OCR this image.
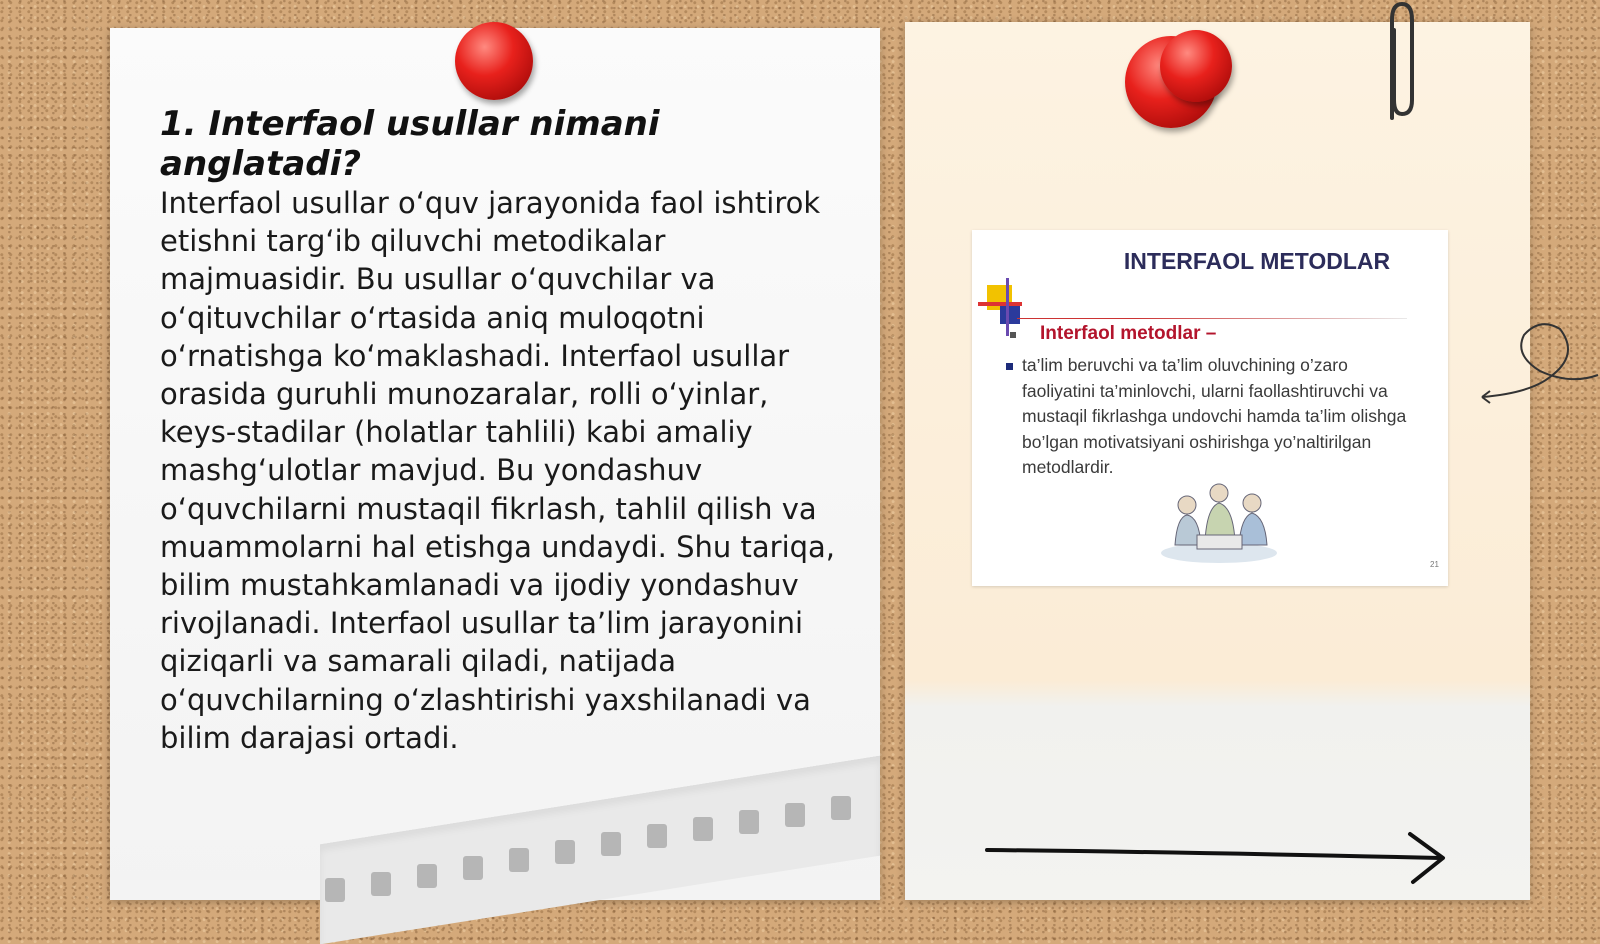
1. Interfaol usullar nimani anglatadi?

Interfaol usullar o‘quv jarayonida faol ishtirok etishni targ‘ib qiluvchi metodikalar majmuasidir. Bu usullar o‘quvchilar va o‘qituvchilar o‘rtasida aniq muloqotni o‘rnatishga ko‘maklashadi. Interfaol usullar orasida guruhli munozaralar, rolli o‘yinlar, keys-stadilar (holatlar tahlili) kabi amaliy mashg‘ulotlar mavjud. Bu yondashuv o‘quvchilarni mustaqil fikrlash, tahlil qilish va muammolarni hal etishga undaydi. Shu tariqa, bilim mustahkamlanadi va ijodiy yondashuv rivojlanadi. Interfaol usullar ta’lim jarayonini qiziqarli va samarali qiladi, natijada o‘quvchilarning o‘zlashtirishi yaxshilanadi va bilim darajasi ortadi.

INTERFAOL METODLAR
Interfaol metodlar –
ta’lim beruvchi va ta’lim oluvchining o’zaro faoliyatini ta’minlovchi, ularni faollashtiruvchi va mustaqil fikrlashga undovchi hamda ta’lim olishga bo’lgan motivatsiyani oshirishga yo’naltirilgan metodlardir.
21
